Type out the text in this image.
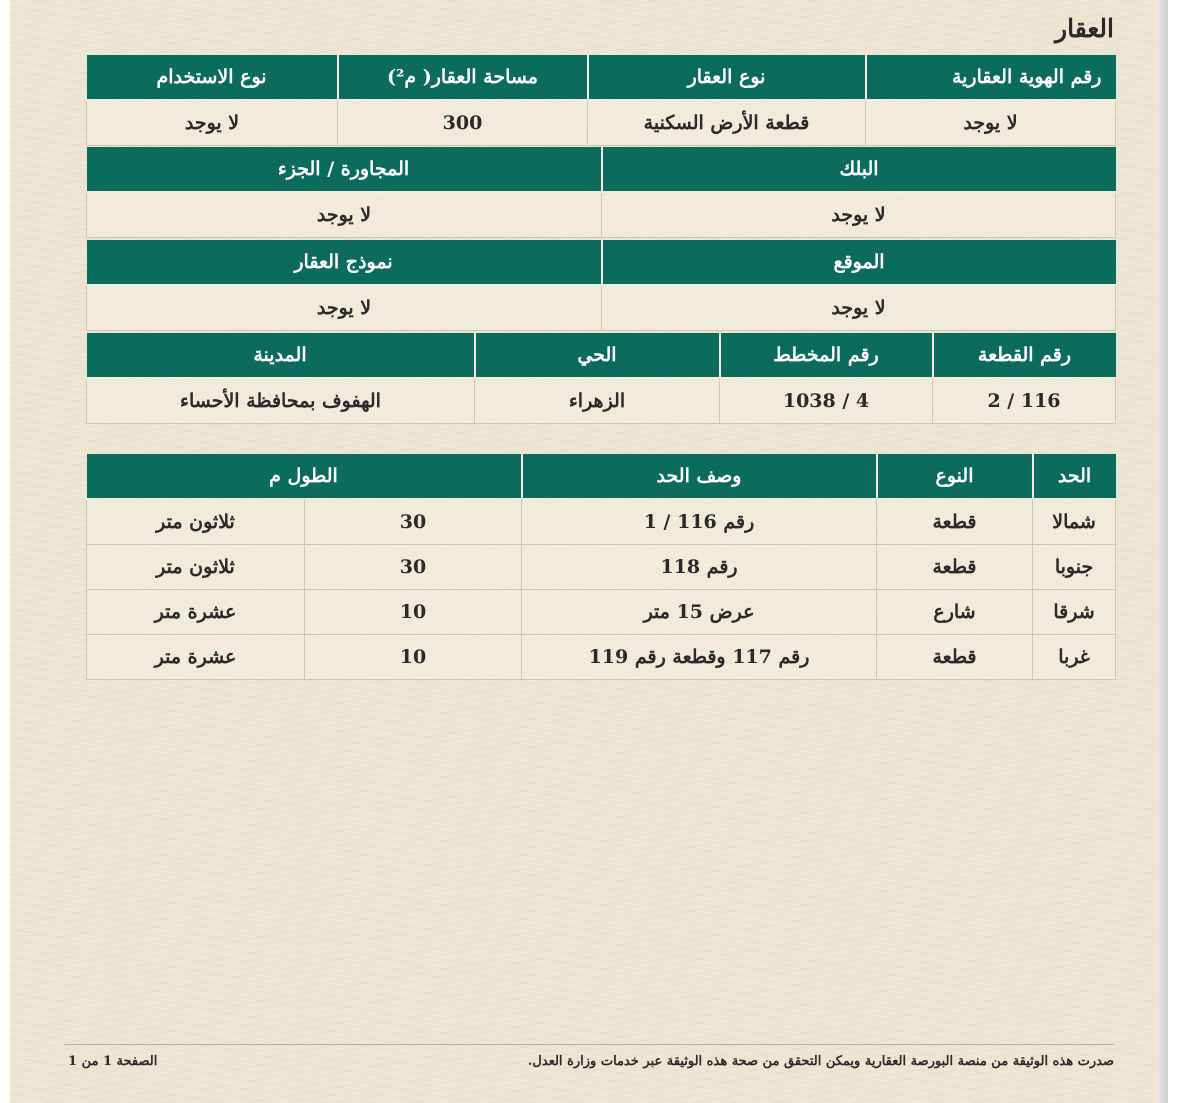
العقار
رقم الهوية العقارية	نوع العقار	مساحة العقار( م²)	نوع الاستخدام
لا يوجد	قطعة الأرض السكنية	300	لا يوجد
البلك	المجاورة / الجزء
لا يوجد	لا يوجد
الموقع	نموذج العقار
لا يوجد	لا يوجد
رقم القطعة	رقم المخطط	الحي	المدينة
116 / 2	4 / 1038	الزهراء	الهفوف بمحافظة الأحساء
الحد	النوع	وصف الحد	الطول م	
شمالا	قطعة	رقم 116 / 1	30	ثلاثون متر
جنوبا	قطعة	رقم 118	30	ثلاثون متر
شرقا	شارع	عرض 15 متر	10	عشرة متر
غربا	قطعة	رقم 117 وقطعة رقم 119	10	عشرة متر
صدرت هذه الوثيقة من منصة البورصة العقارية ويمكن التحقق من صحة هذه الوثيقة عبر خدمات وزارة العدل.
الصفحة 1 من 1
